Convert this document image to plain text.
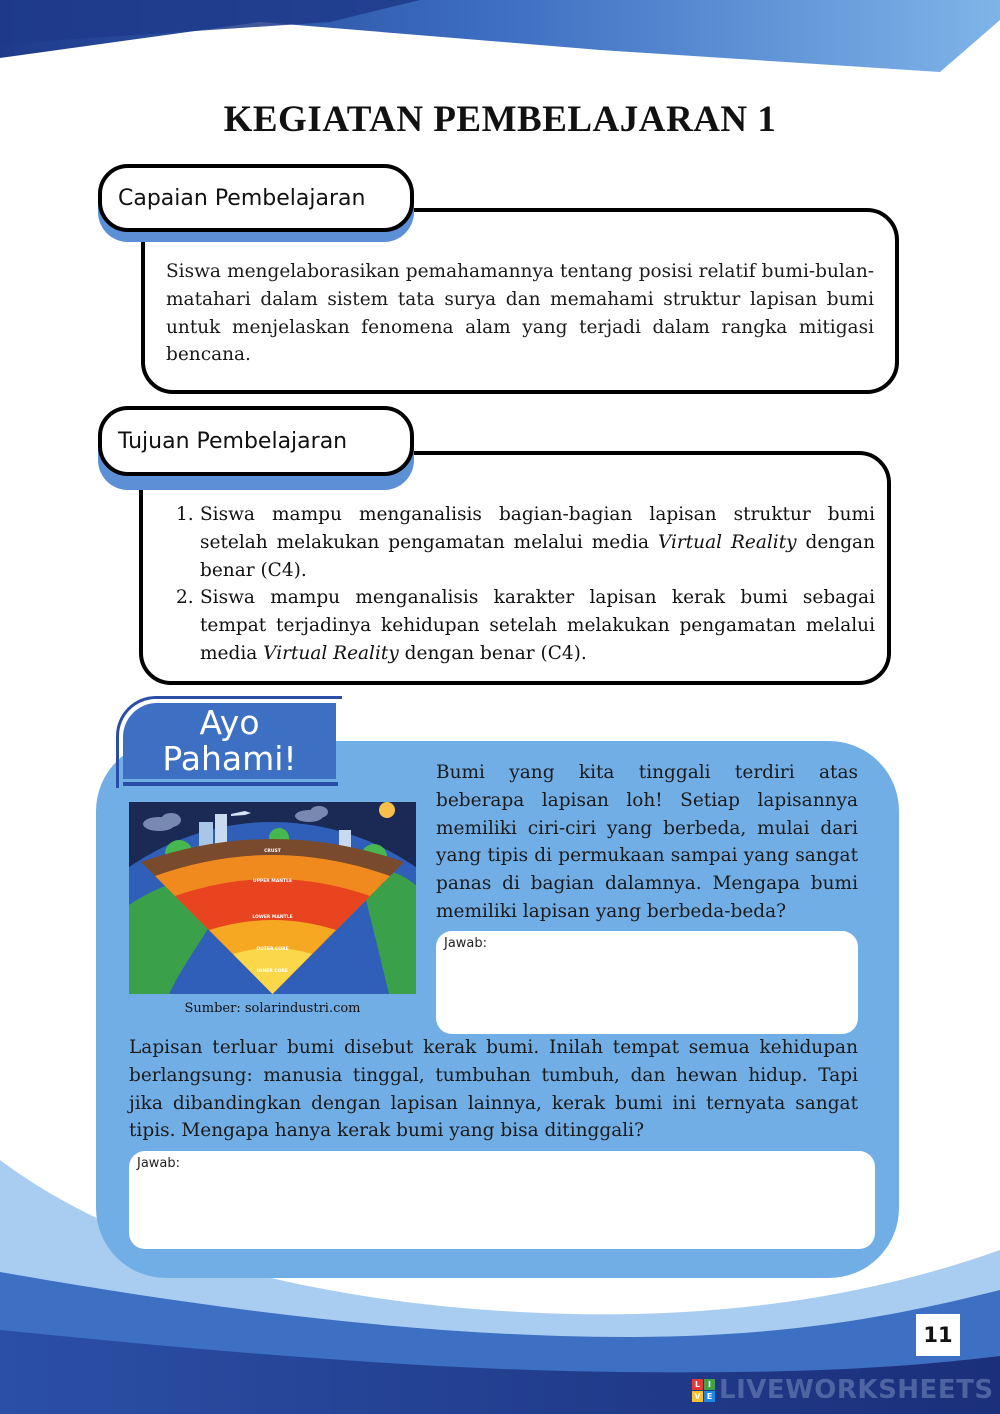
KEGIATAN PEMBELAJARAN 1
Capaian Pembelajaran

Siswa mengelaborasikan pemahamannya tentang posisi relatif bumi-bulan-matahari dalam sistem tata surya dan memahami struktur lapisan bumi untuk menjelaskan fenomena alam yang terjadi dalam rangka mitigasi bencana.

Tujuan Pembelajaran
1. Siswa mampu menganalisis bagian-bagian lapisan struktur bumi setelah melakukan pengamatan melalui media Virtual Reality dengan benar (C4).
2. Siswa mampu menganalisis karakter lapisan kerak bumi sebagai tempat terjadinya kehidupan setelah melakukan pengamatan melalui media Virtual Reality dengan benar (C4).
Ayo
Pahami!
CRUST
UPPER MANTLE
LOWER MANTLE
OUTER CORE
INNER CORE
Sumber: solarindustri.com

Bumi yang kita tinggali terdiri atas beberapa lapisan loh! Setiap lapisannya memiliki ciri-ciri yang berbeda, mulai dari yang tipis di permukaan sampai yang sangat panas di bagian dalamnya. Mengapa bumi memiliki lapisan yang berbeda-beda?

Jawab:

Lapisan terluar bumi disebut kerak bumi. Inilah tempat semua kehidupan berlangsung: manusia tinggal, tumbuhan tumbuh, dan hewan hidup. Tapi jika dibandingkan dengan lapisan lainnya, kerak bumi ini ternyata sangat tipis. Mengapa hanya kerak bumi yang bisa ditinggali?

Jawab:
11
L I
V E LIVEWORKSHEETS
